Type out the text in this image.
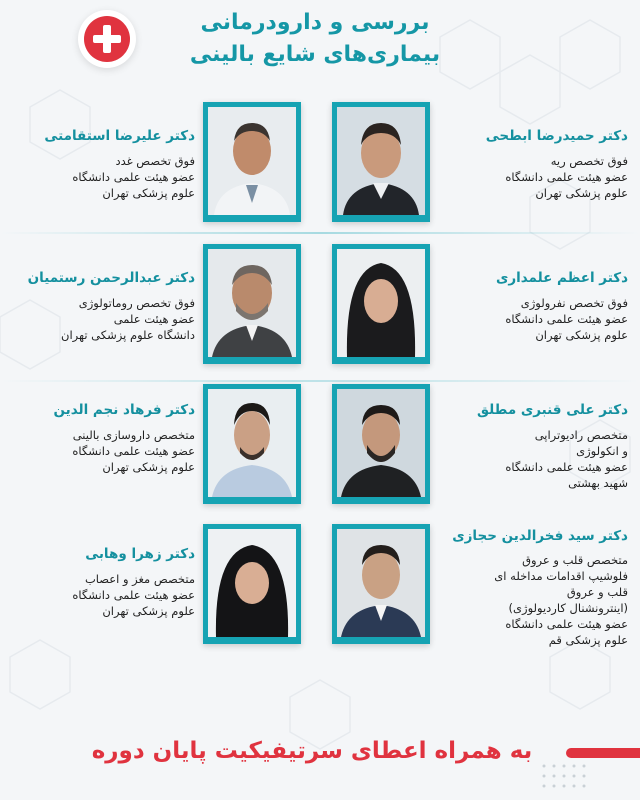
بررسی و دارودرمانی
بیماری‌های شایع بالینی
دکتر حمیدرضا ابطحی
فوق تخصص ریه
عضو هیئت علمی دانشگاه
علوم پزشکی تهران
دکتر علیرضا استقامتی
فوق تخصص غدد
عضو هیئت علمی دانشگاه
علوم پزشکی تهران
دکتر اعظم علمداری
فوق تخصص نفرولوژی
عضو هیئت علمی دانشگاه
علوم پزشکی تهران
دکتر عبدالرحمن رستمیان
فوق تخصص روماتولوژی
عضو هیئت علمی
دانشگاه علوم پزشکی تهران
دکتر علی قنبری مطلق
متخصص رادیوتراپی
و انکولوژی
عضو هیئت علمی دانشگاه
شهید بهشتی
دکتر فرهاد نجم الدین
متخصص داروسازی بالینی
عضو هیئت علمی دانشگاه
علوم پزشکی تهران
دکتر سید فخرالدین حجازی
متخصص قلب و عروق
فلوشیپ اقدامات مداخله ای
قلب و عروق
(اینترونشنال کاردیولوژی)
عضو هیئت علمی دانشگاه
علوم پزشکی قم
دکتر زهرا وهابی
متخصص مغز و اعصاب
عضو هیئت علمی دانشگاه
علوم پزشکی تهران
به همراه اعطای سرتیفیکیت پایان دوره
